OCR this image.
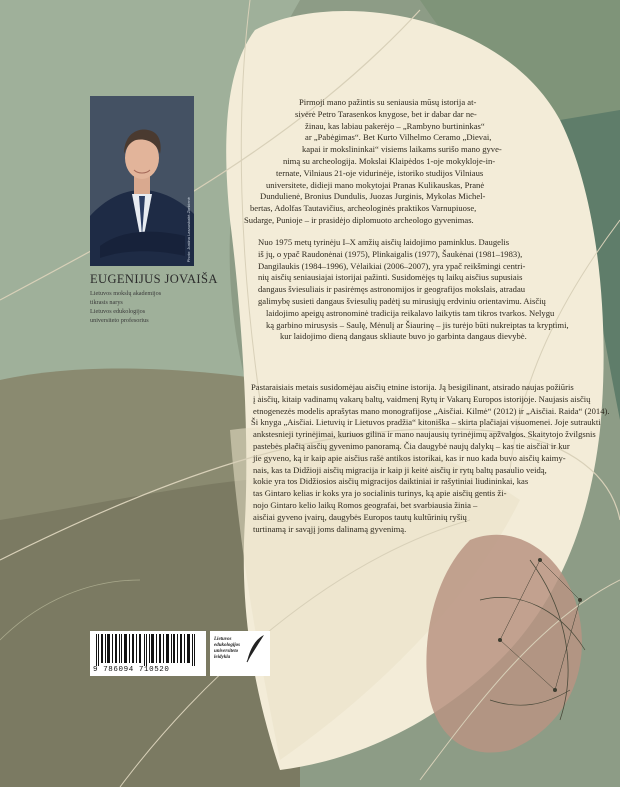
Photo: Justina Lasauskaitė-Zimkienė
EUGENIJUS JOVAIŠA
Lietuvos mokslų akademijos
tikrasis narys
Lietuvos edukologijos
universiteto profesorius
Pirmoji mano pažintis su seniausia mūsų istorija at-
sivėrė Petro Tarasenkos knygose, bet ir dabar dar ne-
žinau, kas labiau pakerėjo – „Rambyno burtininkas“
ar „Pabėgimas“. Bet Kurto Vilhelmo Ceramo „Dievai,
kapai ir mokslininkai“ visiems laikams surišo mano gyve-
nimą su archeologija. Mokslai Klaipėdos 1-oje mokykloje-in-
ternate, Vilniaus 21-oje vidurinėje, istorikо studijos Vilniaus
universitete, didieji mano mokytojai Pranas Kulikauskas, Pranė
Dundulienė, Bronius Dundulis, Juozas Jurginis, Mykolas Michel-
bertas, Adolfas Tautavičius, archeologinės praktikos Varnupiuose,
Sudarge, Punioje – ir prasidėjo diplomuoto archeologo gyvenimas.
Nuo 1975 metų tyrinėju I–X amžių aisčių laidojimo paminklus. Daugelis
iš jų, o ypač Raudonėnai (1975), Plinkaigalis (1977), Šaukėnai (1981–1983),
Dangilaukis (1984–1996), Vėlaikiai (2006–2007), yra ypač reikšmingi centri-
nių aisčių seniausiajai istorijai pažinti. Susidomėjęs tų laikų aisčius supusiais
dangaus šviesuliais ir pasirėmęs astronomijos ir geografijos mokslais, atradau
galimybę susieti dangaus šviesulių padėtį su mirusiųjų erdviniu orientavimu. Aisčių
laidojimo apeigų astronominė tradicija reikalavo laikytis tam tikros tvarkos. Nelygu
ką garbino mirusysis – Saulę, Mėnulį ar Šiaurinę – jis turėjo būti nukreiptas ta kryptimi,
kur laidojimo dieną dangaus skliaute buvo jo garbinta dangaus dievybė.
Pastaraisiais metais susidomėjau aisčių etnine istorija. Ją besigilinant, atsirado naujas požiūris
į aisčių, kitaip vadinamų vakarų baltų, vaidmenį Rytų ir Vakarų Europos istorijoje. Naujasis aisčių
etnogenezės modelis aprašytas mano monografijose „Aisčiai. Kilmė“ (2012) ir „Aisčiai. Raida“ (2014).
Ši knyga „Aisčiai. Lietuvių ir Lietuvos pradžia“ kitoniška – skirta plačiajai visuomenei. Joje sutraukti
ankstesnieji tyrinėjimai, kuriuos gilina ir mano naujausių tyrinėjimų apžvalgos. Skaitytojo žvilgsnis
pastebės plačią aisčių gyvenimo panoramą. Čia daugybė naujų dalykų – kas tie aisčiai ir kur
jie gyveno, ką ir kaip apie aisčius rašė antikos istorikai, kas ir nuo kada buvo aisčių kaimy-
nais, kas ta Didžioji aisčių migracija ir kaip ji keitė aisčių ir rytų baltų pasaulio veidą,
kokie yra tos Didžiosios aisčių migracijos daiktiniai ir rašytiniai liudininkai, kas
tas Gintaro kelias ir koks yra jo socialinis turinys, ką apie aisčių gentis ži-
nojo Gintaro kelio laikų Romos geografai, bet svarbiausia žinia –
aisčiai gyveno įvairų, daugybės Europos tautų kultūrinių ryšių
turtinamą ir savąjį joms dalinamą gyvenimą.
9 786094 710520
Lietuvos
edukologijos
universiteto
leidykla
